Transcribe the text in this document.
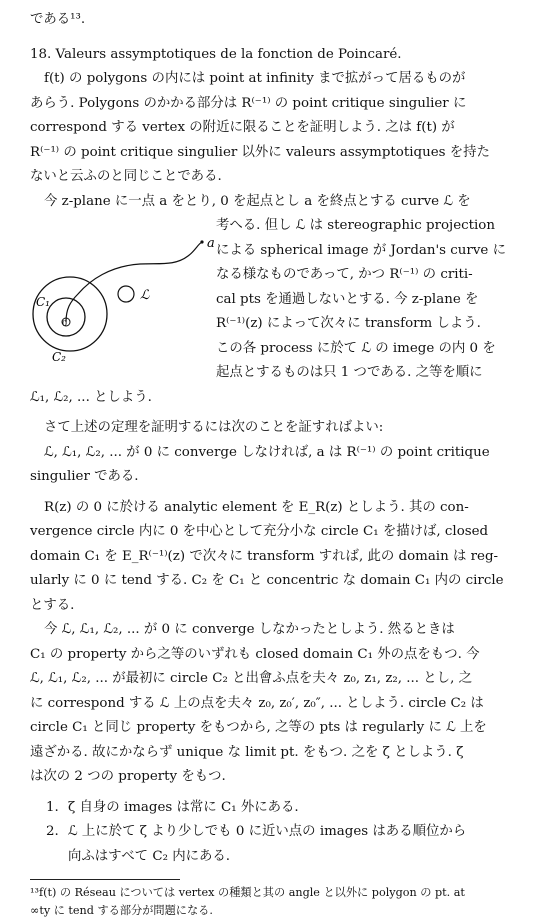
である¹³.
18. Valeurs assymptotiques de la fonction de Poincaré.
f(t) の polygons の内には point at infinity まで拡がって居るものが
あらう. Polygons のかかる部分は R⁽⁻¹⁾ の point critique singulier に
correspond する vertex の附近に限ることを証明しよう. 之は f(t) が
R⁽⁻¹⁾ の point critique singulier 以外に valeurs assymptotiques を持た
ないと云ふのと同じことである.
今 z-plane に一点 a をとり, 0 を起点とし a を終点とする curve ℒ を
a
ℒ
C₁
0
C₂
考へる. 但し ℒ は stereographic projection
による spherical image が Jordan's curve に
なる様なものであって, かつ R⁽⁻¹⁾ の criti-
cal pts を通過しないとする. 今 z-plane を
R⁽⁻¹⁾(z) によって次々に transform しよう.
この各 process に於て ℒ の imege の内 0 を
起点とするものは只 1 つである. 之等を順に
ℒ₁, ℒ₂, ... としよう.
さて上述の定理を証明するには次のことを証すればよい:
ℒ, ℒ₁, ℒ₂, ... が 0 に converge しなければ, a は R⁽⁻¹⁾ の point critique
singulier である.
R(z) の 0 に於ける analytic element を E_R(z) としよう. 其の con-
vergence circle 内に 0 を中心として充分小な circle C₁ を描けば, closed
domain C₁ を E_R⁽⁻¹⁾(z) で次々に transform すれば, 此の domain は reg-
ularly に 0 に tend する. C₂ を C₁ と concentric な domain C₁ 内の circle
とする.
今 ℒ, ℒ₁, ℒ₂, ... が 0 に converge しなかったとしよう. 然るときは
C₁ の property から之等のいずれも closed domain C₁ 外の点をもつ. 今
ℒ, ℒ₁, ℒ₂, ... が最初に circle C₂ と出會ふ点を夫々 z₀, z₁, z₂, ... とし, 之
に correspond する ℒ 上の点を夫々 z₀, z₀′, z₀″, ... としよう. circle C₂ は
circle C₁ と同じ property をもつから, 之等の pts は regularly に ℒ 上を
遠ざかる. 故にかならず unique な limit pt. をもつ. 之を ζ としよう. ζ
は次の 2 つの property をもつ.
1. ζ 自身の images は常に C₁ 外にある.
2. ℒ 上に於て ζ より少しでも 0 に近い点の images はある順位から
向ふはすべて C₂ 内にある.
¹³f(t) の Réseau については vertex の種類と其の angle と以外に polygon の pt. at
∞ty に tend する部分が問題になる.
